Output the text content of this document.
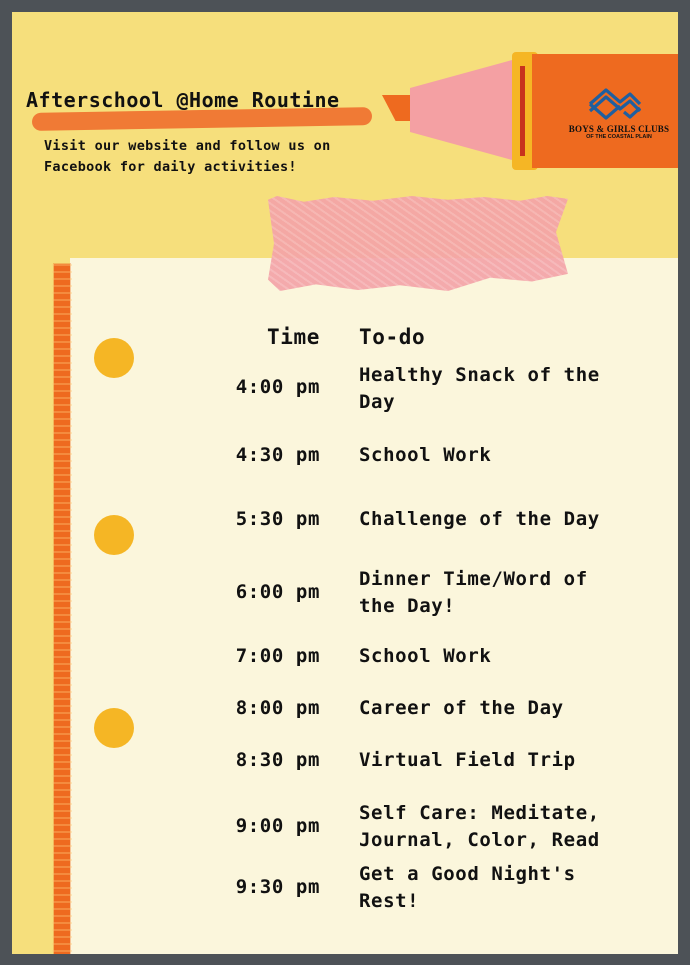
Afterschool @Home Routine
Visit our website and follow us on Facebook for daily activities!
BOYS & GIRLS CLUBS
OF THE COASTAL PLAIN
Time To-do
4:00 pm
Healthy Snack of the Day
4:30 pm School Work
5:30 pm Challenge of the Day
6:00 pm
Dinner Time/Word of the Day!
7:00 pm School Work
8:00 pm Career of the Day
8:30 pm Virtual Field Trip
9:00 pm
Self Care: Meditate, Journal, Color, Read
9:30 pm
Get a Good Night's Rest!
